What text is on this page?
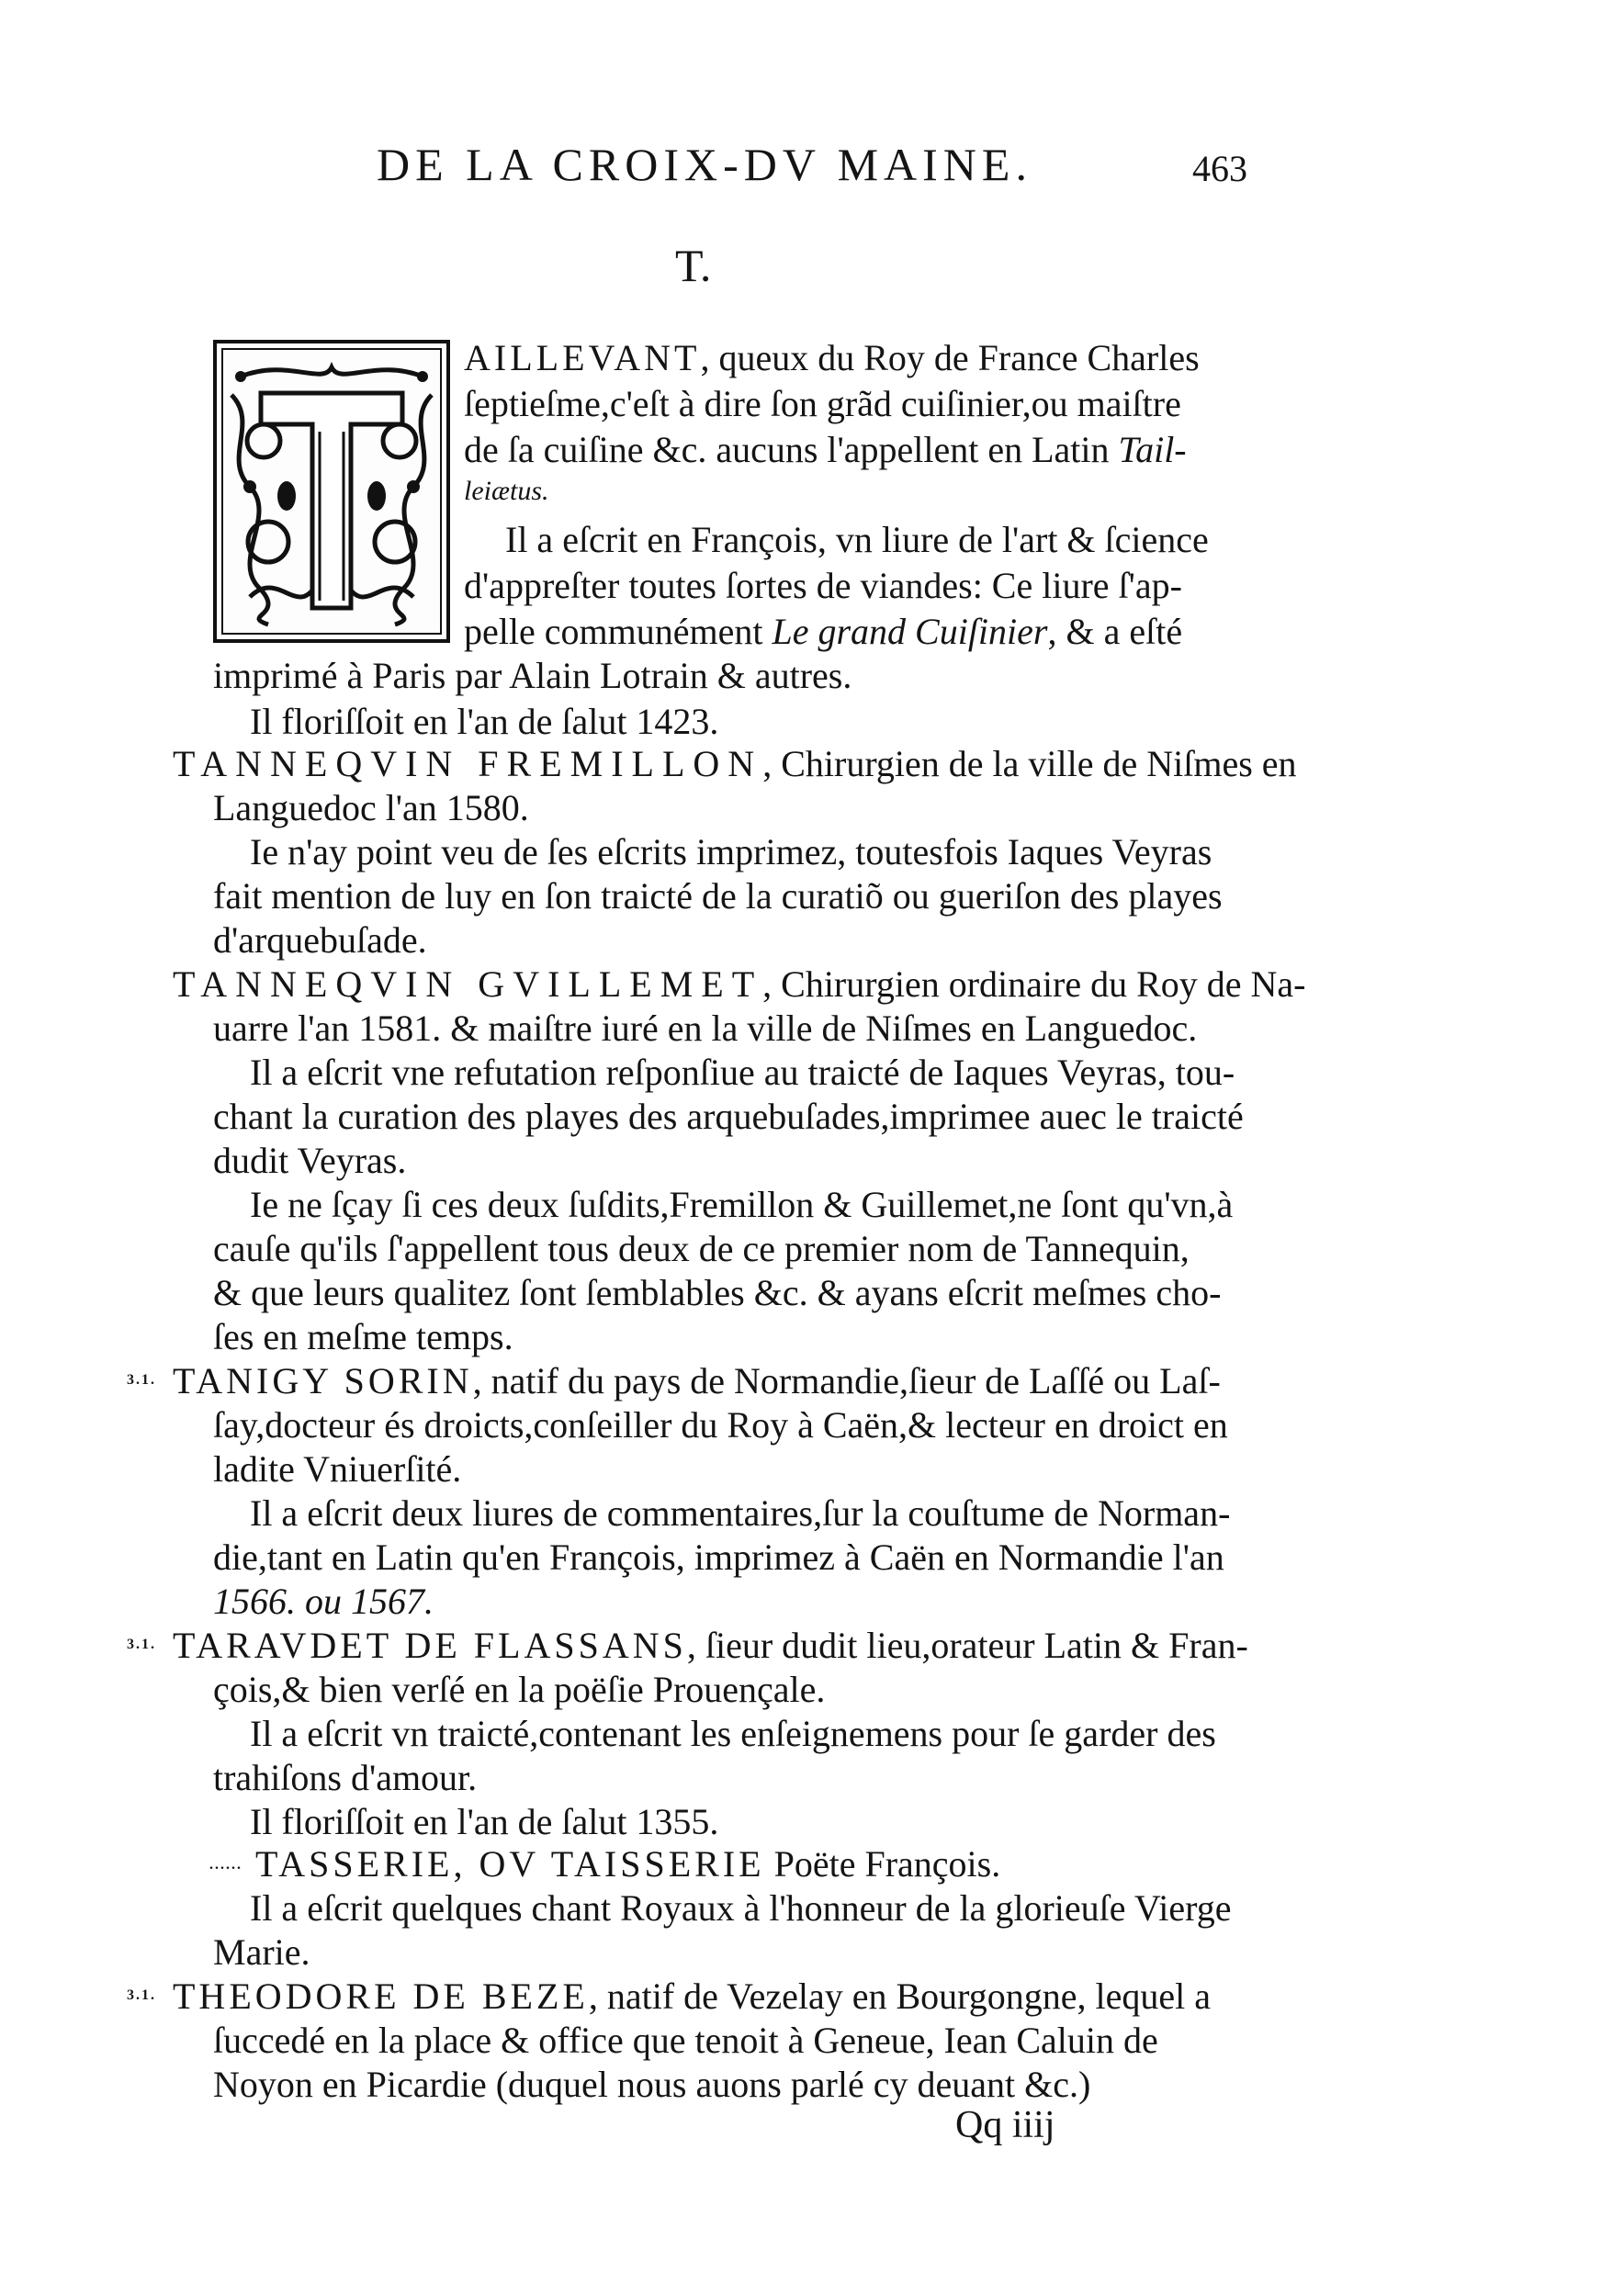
DE LA CROIX-DV MAINE.	463
T.
AILLEVANT, queux du Roy de France Charles
ſeptieſme,c'eſt à dire ſon grãd cuiſinier,ou maiſtre
de ſa cuiſine &c. aucuns l'appellent en Latin Tail-
leiætus.
Il a eſcrit en François, vn liure de l'art & ſcience
d'appreſter toutes ſortes de viandes: Ce liure ſ'ap-
pelle communément Le grand Cuiſinier, & a eſté
imprimé à Paris par Alain Lotrain & autres.
Il floriſſoit en l'an de ſalut 1423.
TANNEQVIN FREMILLON, Chirurgien de la ville de Niſmes en
Languedoc l'an 1580.
Ie n'ay point veu de ſes eſcrits imprimez, toutesfois Iaques Veyras
fait mention de luy en ſon traicté de la curatiõ ou gueriſon des playes
d'arquebuſade.
TANNEQVIN GVILLEMET, Chirurgien ordinaire du Roy de Na-
uarre l'an 1581. & maiſtre iuré en la ville de Niſmes en Languedoc.
Il a eſcrit vne refutation reſponſiue au traicté de Iaques Veyras, tou-
chant la curation des playes des arquebuſades,imprimee auec le traicté
dudit Veyras.
Ie ne ſçay ſi ces deux ſuſdits,Fremillon & Guillemet,ne ſont qu'vn,à
cauſe qu'ils ſ'appellent tous deux de ce premier nom de Tannequin,
& que leurs qualitez ſont ſemblables &c. & ayans eſcrit meſmes cho-
ſes en meſme temps.
3.1. TANIGY SORIN, natif du pays de Normandie,ſieur de Laſſé ou Laſ-
ſay,docteur és droicts,conſeiller du Roy à Caën,& lecteur en droict en
ladite Vniuerſité.
Il a eſcrit deux liures de commentaires,ſur la couſtume de Norman-
die,tant en Latin qu'en François, imprimez à Caën en Normandie l'an
1566. ou 1567.
3.1. TARAVDET DE FLASSANS, ſieur dudit lieu,orateur Latin & Fran-
çois,& bien verſé en la poëſie Prouençale.
Il a eſcrit vn traicté,contenant les enſeignemens pour ſe garder des
trahiſons d'amour.
Il floriſſoit en l'an de ſalut 1355.
...... TASSERIE, OV TAISSERIE Poëte François.
Il a eſcrit quelques chant Royaux à l'honneur de la glorieuſe Vierge
Marie.
3.1. THEODORE DE BEZE, natif de Vezelay en Bourgongne, lequel a
ſuccedé en la place & office que tenoit à Geneue, Iean Caluin de
Noyon en Picardie (duquel nous auons parlé cy deuant &c.)
Qq iiij
